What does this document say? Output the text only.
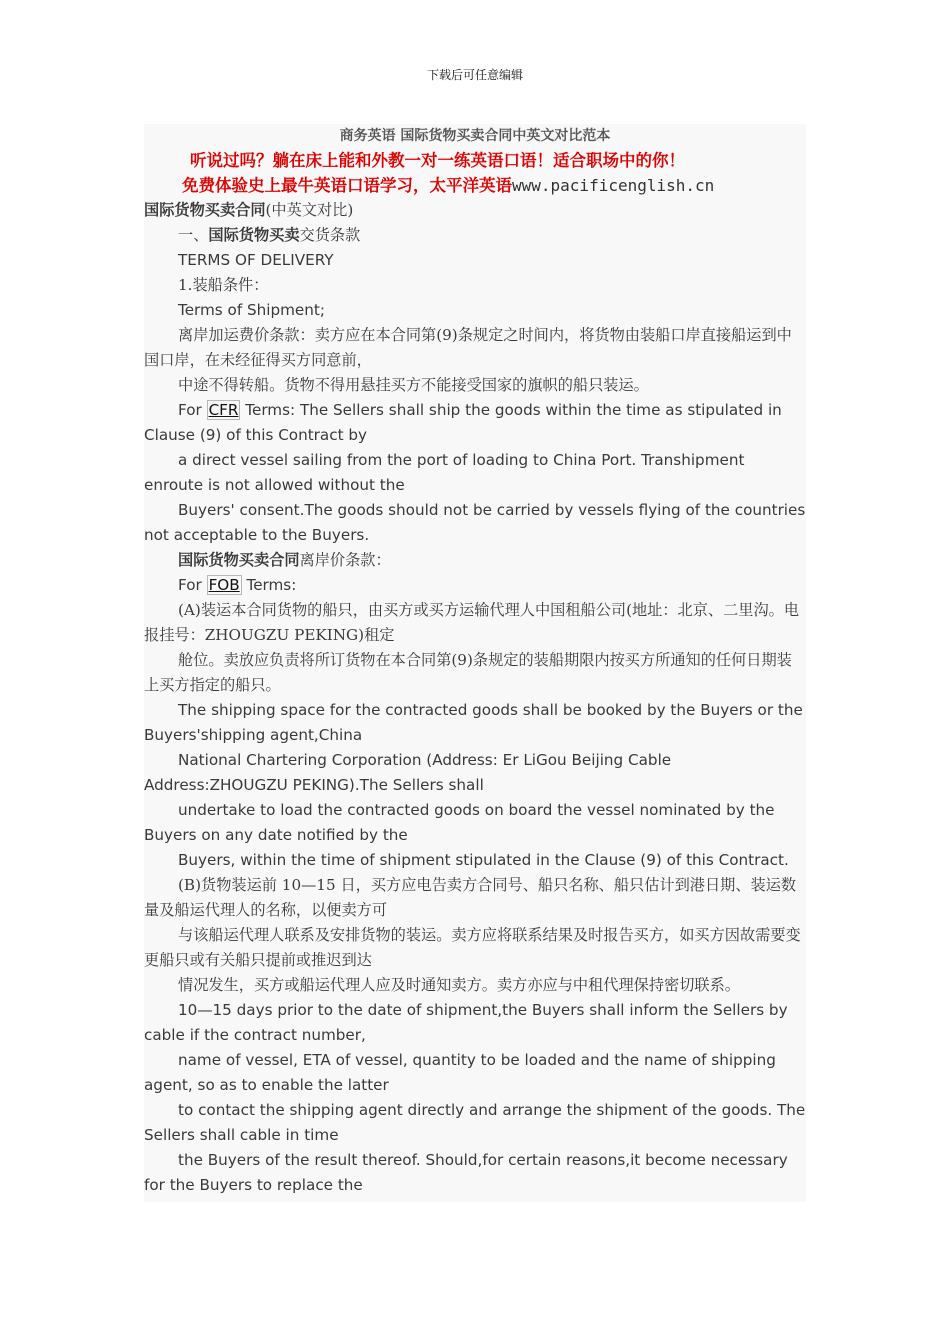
下载后可任意编辑
商务英语 国际货物买卖合同中英文对比范本
听说过吗？躺在床上能和外教一对一练英语口语！适合职场中的你！
免费体验史上最牛英语口语学习，太平洋英语www.pacificenglish.cn

国际货物买卖合同(中英文对比)

一、国际货物买卖交货条款

TERMS OF DELIVERY

1.装船条件：

Terms of Shipment;

离岸加运费价条款：卖方应在本合同第(9)条规定之时间内，将货物由装船口岸直接船运到中国口岸，在未经征得买方同意前，

中途不得转船。货物不得用悬挂买方不能接受国家的旗帜的船只装运。

For CFR Terms: The Sellers shall ship the goods within the time as stipulated in Clause (9) of this Contract by

a direct vessel sailing from the port of loading to China Port. Transhipment enroute is not allowed without the

Buyers' consent.The goods should not be carried by vessels flying of the countries not acceptable to the Buyers.

国际货物买卖合同离岸价条款：

For FOB Terms:

(A)装运本合同货物的船只，由买方或买方运输代理人中国租船公司(地址：北京、二里沟。电报挂号：ZHOUGZU PEKING)租定

舱位。卖放应负责将所订货物在本合同第(9)条规定的装船期限内按买方所通知的任何日期装上买方指定的船只。

The shipping space for the contracted goods shall be booked by the Buyers or the Buyers'shipping agent,China

National Chartering Corporation (Address: Er LiGou Beijing Cable Address:ZHOUGZU PEKING).The Sellers shall

undertake to load the contracted goods on board the vessel nominated by the Buyers on any date notified by the

Buyers, within the time of shipment stipulated in the Clause (9) of this Contract.

(B)货物装运前 10—15 日，买方应电告卖方合同号、船只名称、船只估计到港日期、装运数量及船运代理人的名称，以便卖方可

与该船运代理人联系及安排货物的装运。卖方应将联系结果及时报告买方，如买方因故需要变更船只或有关船只提前或推迟到达

情况发生，买方或船运代理人应及时通知卖方。卖方亦应与中租代理保持密切联系。

10—15 days prior to the date of shipment,the Buyers shall inform the Sellers by cable if the contract number,

name of vessel, ETA of vessel, quantity to be loaded and the name of shipping agent, so as to enable the latter

to contact the shipping agent directly and arrange the shipment of the goods. The Sellers shall cable in time

the Buyers of the result thereof. Should,for certain reasons,it become necessary for the Buyers to replace the
